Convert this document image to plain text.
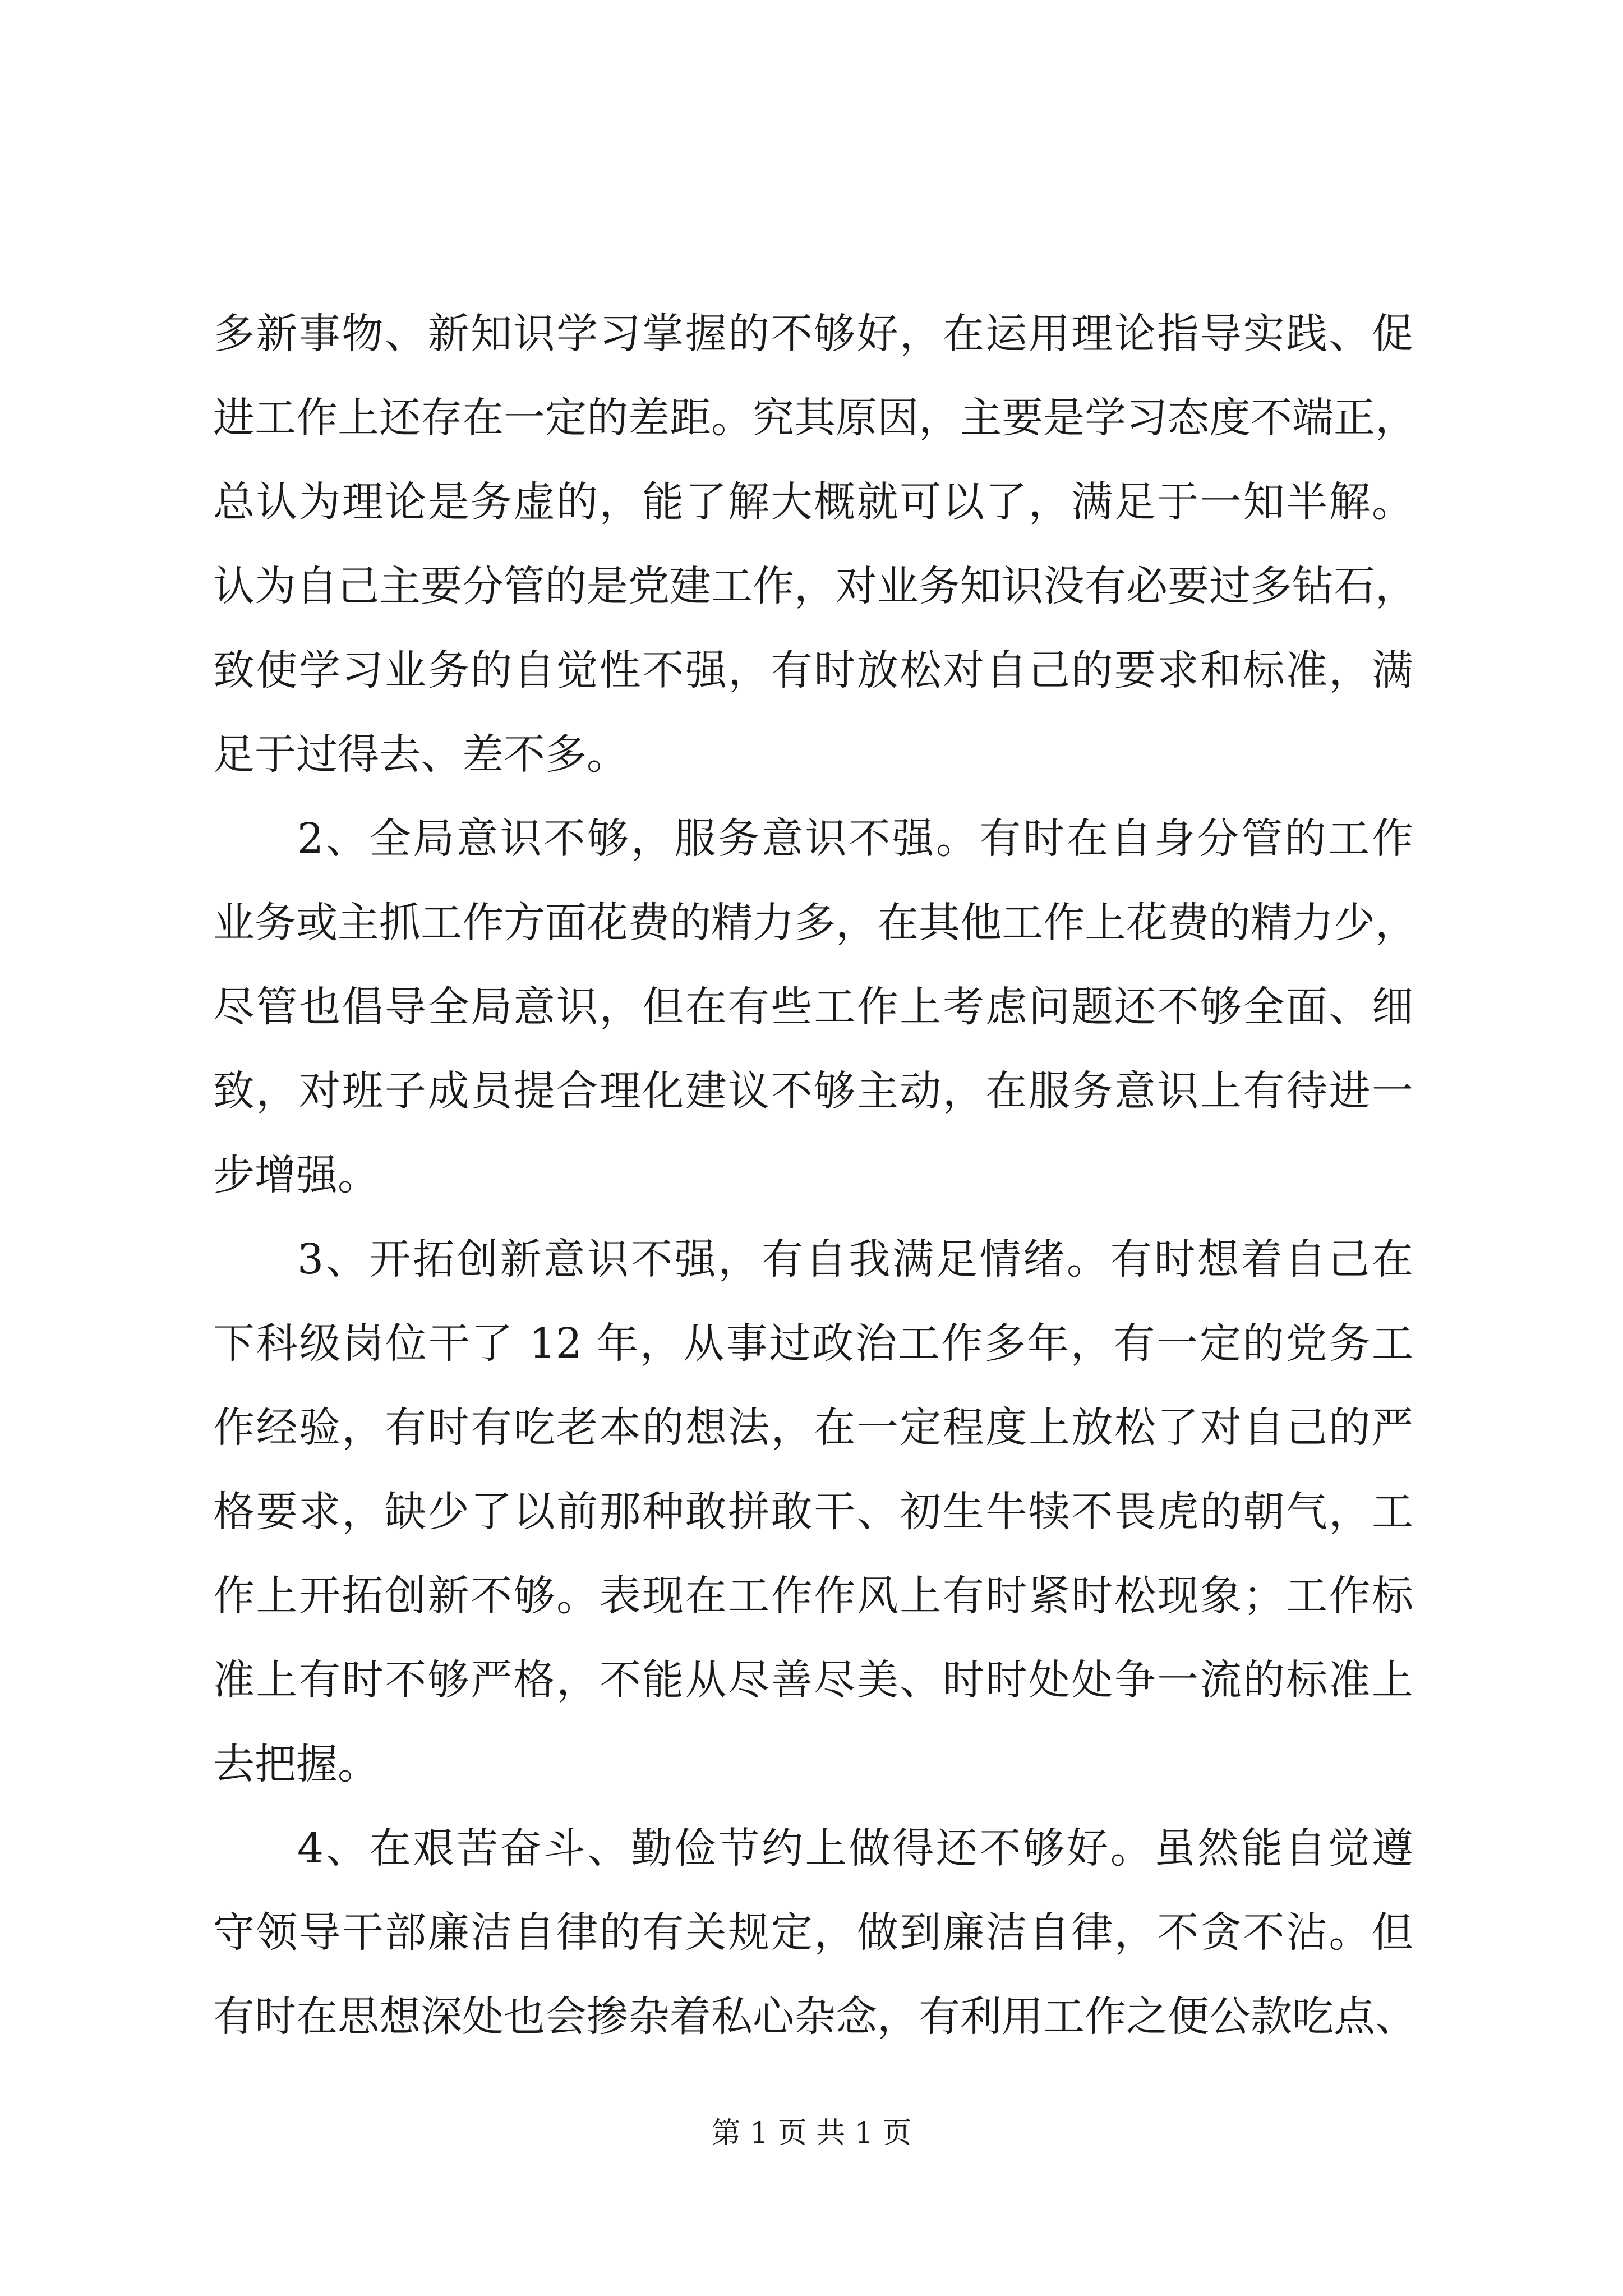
多新事物、新知识学习掌握的不够好，在运用理论指导实践、促
进工作上还存在一定的差距。究其原因，主要是学习态度不端正，
总认为理论是务虚的，能了解大概就可以了，满足于一知半解。
认为自己主要分管的是党建工作，对业务知识没有必要过多钻石，
致使学习业务的自觉性不强，有时放松对自己的要求和标准，满
足于过得去、差不多。
2、全局意识不够，服务意识不强。有时在自身分管的工作
业务或主抓工作方面花费的精力多，在其他工作上花费的精力少，
尽管也倡导全局意识，但在有些工作上考虑问题还不够全面、细
致，对班子成员提合理化建议不够主动，在服务意识上有待进一
步增强。
3、开拓创新意识不强，有自我满足情绪。有时想着自己在
下科级岗位干了 12 年，从事过政治工作多年，有一定的党务工
作经验，有时有吃老本的想法，在一定程度上放松了对自己的严
格要求，缺少了以前那种敢拼敢干、初生牛犊不畏虎的朝气，工
作上开拓创新不够。表现在工作作风上有时紧时松现象；工作标
准上有时不够严格，不能从尽善尽美、时时处处争一流的标准上
去把握。
4、在艰苦奋斗、勤俭节约上做得还不够好。虽然能自觉遵
守领导干部廉洁自律的有关规定，做到廉洁自律，不贪不沾。但
有时在思想深处也会掺杂着私心杂念，有利用工作之便公款吃点、
第 1 页 共 1 页
